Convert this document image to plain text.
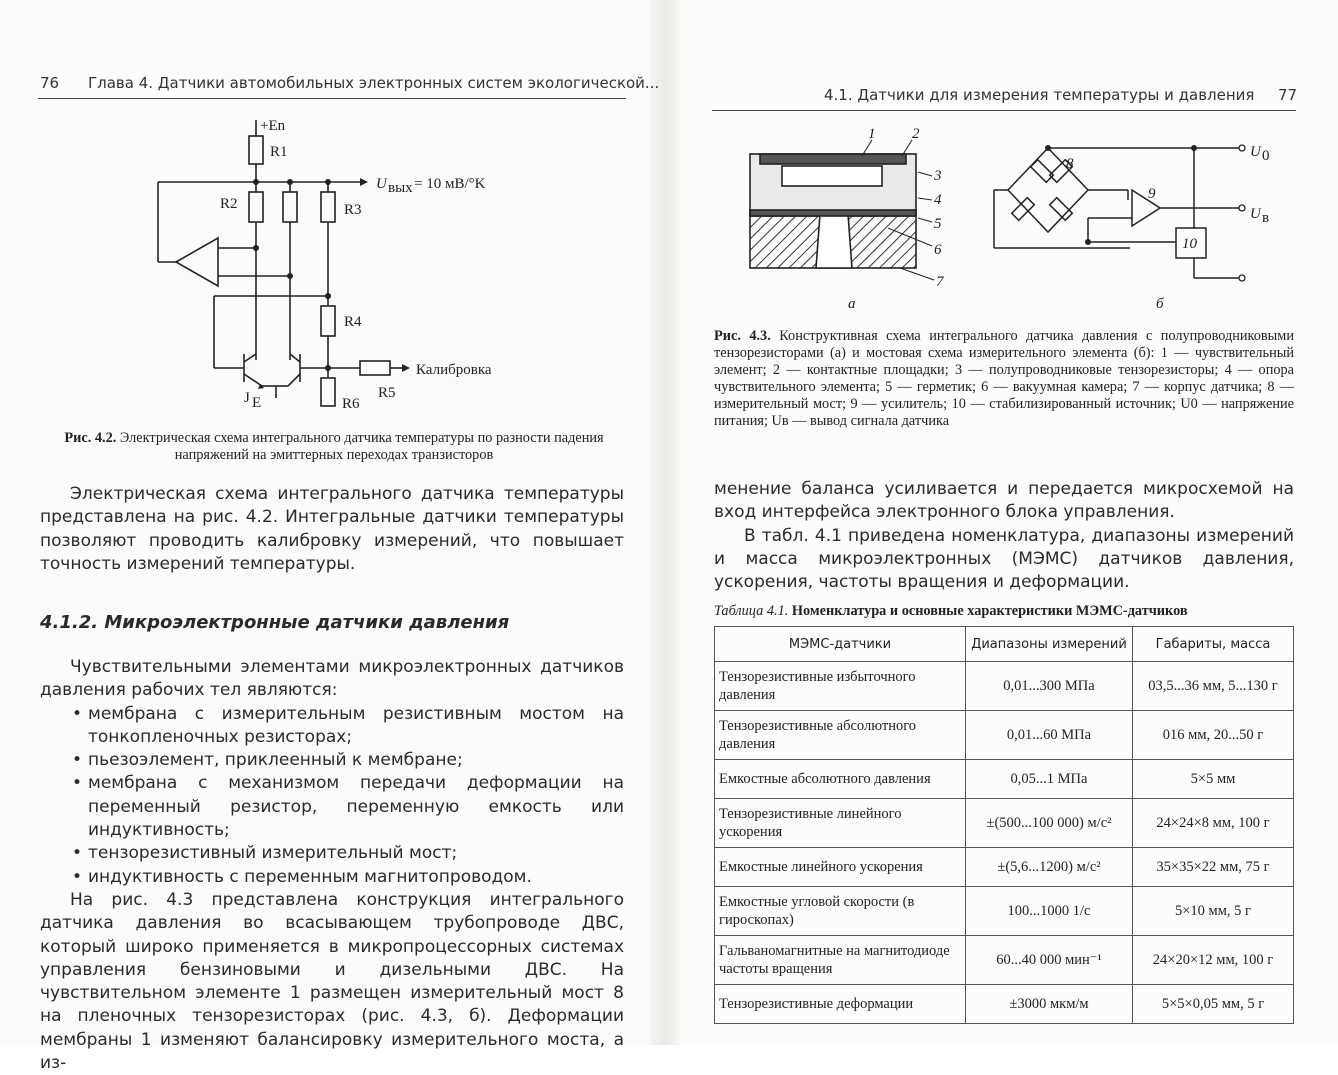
76 Глава 4. Датчики автомобильных электронных систем экологической...
+En
R1
R2	R3
R4
R5
R6
U вых = 10 мВ/°K
Калибровка
J E
Рис. 4.2. Электрическая схема интегрального датчика температуры по разности падения напряжений на эмиттерных переходах транзисторов

Электрическая схема интегрального датчика температуры представлена на рис. 4.2. Интегральные датчики температуры позволяют проводить калибровку измерений, что повышает точность измерений температуры.

4.1.2. Микроэлектронные датчики давления

Чувствительными элементами микроэлектронных датчиков давления рабочих тел являются:

• мембрана с измерительным резистивным мостом на тонкопленочных резисторах;
• пьезоэлемент, приклеенный к мембране;
• мембрана с механизмом передачи деформации на переменный резистор, переменную емкость или индуктивность;
• тензорезистивный измерительный мост;
• индуктивность с переменным магнитопроводом.

На рис. 4.3 представлена конструкция интегрального датчика давления во всасывающем трубопроводе ДВС, который широко применяется в микропроцессорных системах управления бензиновыми и дизельными ДВС. На чувствительном элементе 1 размещен измерительный мост 8 на пленочных тензорезисторах (рис. 4.3, б). Деформации мембраны 1 изменяют балансировку измерительного моста, а из-

4.1. Датчики для измерения температуры и давления 77
1 2
3
4
5
6
7
а
8
9
10
U 0
U в
б
Рис. 4.3. Конструктивная схема интегрального датчика давления с полупроводниковыми тензорезисторами (а) и мостовая схема измерительного элемента (б): 1 — чувствительный элемент; 2 — контактные площадки; 3 — полупроводниковые тензорезисторы; 4 — опора чувствительного элемента; 5 — герметик; 6 — вакуумная камера; 7 — корпус датчика; 8 — измерительный мост; 9 — усилитель; 10 — стабилизированный источник; U0 — напряжение питания; Uв — вывод сигнала датчика

менение баланса усиливается и передается микросхемой на вход интерфейса электронного блока управления.

В табл. 4.1 приведена номенклатура, диапазоны измерений и масса микроэлектронных (МЭМС) датчиков давления, ускорения, частоты вращения и деформации.

Таблица 4.1. Номенклатура и основные характеристики МЭМС-датчиков
МЭМС-датчики	Диапазоны измерений	Габариты, масса
Тензорезистивные избыточного давления	0,01...300 МПа	03,5...36 мм, 5...130 г
Тензорезистивные абсолютного давления	0,01...60 МПа	016 мм, 20...50 г
Емкостные абсолютного давления	0,05...1 МПа	5×5 мм
Тензорезистивные линейного ускорения	±(500...100 000) м/с²	24×24×8 мм, 100 г
Емкостные линейного ускорения	±(5,6...1200) м/с²	35×35×22 мм, 75 г
Емкостные угловой скорости (в гироскопах)	100...1000 1/с	5×10 мм, 5 г
Гальваномагнитные на магнитодиоде частоты вращения	60...40 000 мин⁻¹	24×20×12 мм, 100 г
Тензорезистивные деформации	±3000 мкм/м	5×5×0,05 мм, 5 г
